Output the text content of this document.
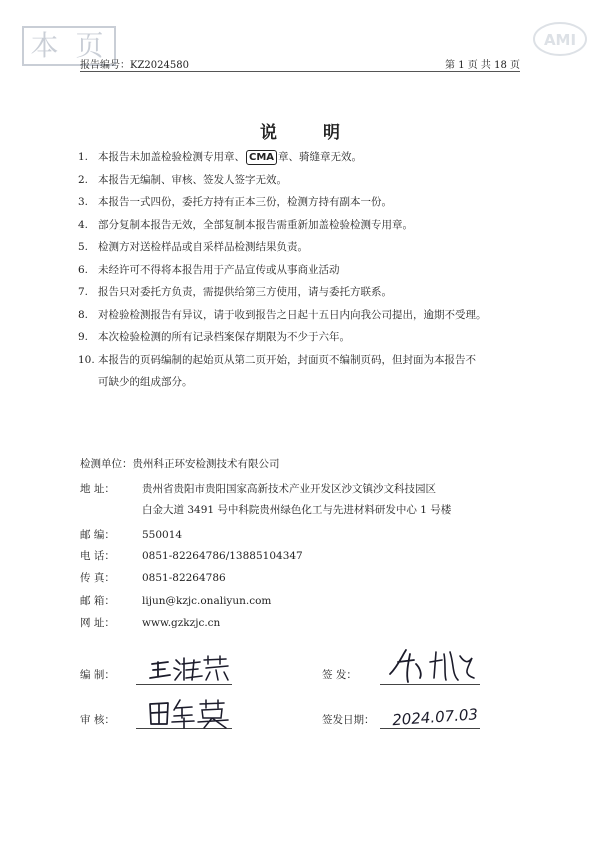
本 页	AMI
报告编号：KZ2024580	第 1 页 共 18 页
说 明
1. 本报告未加盖检验检测专用章、 CMA 章、骑缝章无效。
2. 本报告无编制、审核、签发人签字无效。
3. 本报告一式四份，委托方持有正本三份，检测方持有副本一份。
4. 部分复制本报告无效，全部复制本报告需重新加盖检验检测专用章。
5. 检测方对送检样品或自采样品检测结果负责。
6. 未经许可不得将本报告用于产品宣传或从事商业活动
7. 报告只对委托方负责，需提供给第三方使用，请与委托方联系。
8. 对检验检测报告有异议，请于收到报告之日起十五日内向我公司提出，逾期不受理。
9. 本次检验检测的所有记录档案保存期限为不少于六年。
10. 本报告的页码编制的起始页从第二页开始，封面页不编制页码，但封面为本报告不
可缺少的组成部分。
检测单位：贵州科正环安检测技术有限公司
地 址：	贵州省贵阳市贵阳国家高新技术产业开发区沙文镇沙文科技园区
白金大道 3491 号中科院贵州绿色化工与先进材料研发中心 1 号楼
邮 编：	550014
电 话：	0851-82264786/13885104347
传 真：	0851-82264786
邮 箱：	lijun@kzjc.onaliyun.com
网 址：	www.gzkzjc.cn
编 制：	签 发：
审 核：	签发日期： 2024.07.03
